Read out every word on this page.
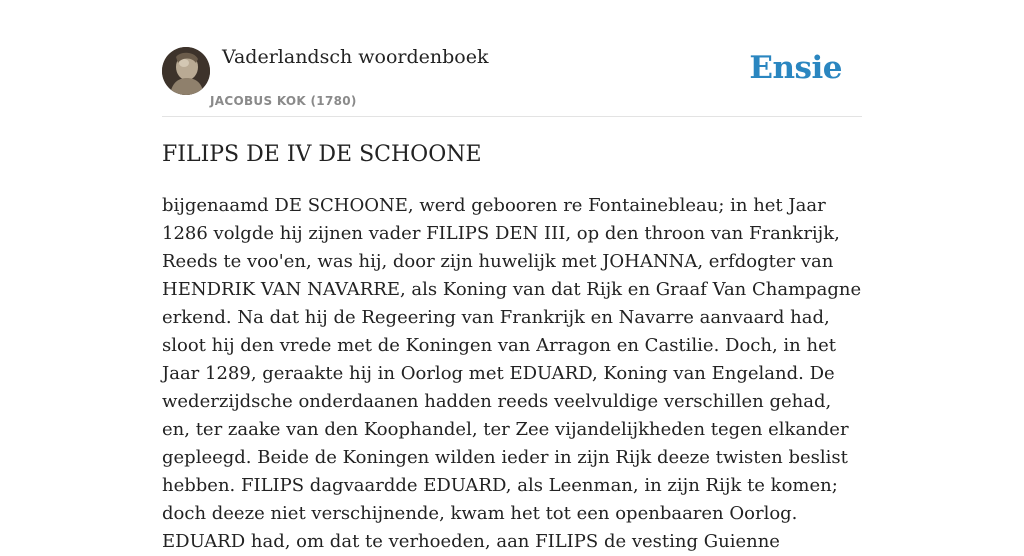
Vaderlandsch woordenboek
JACOBUS KOK (1780)
Ensie
FILIPS DE IV DE SCHOONE

bijgenaamd DE SCHOONE, werd gebooren re Fontainebleau; in het Jaar 1286 volgde hij zijnen vader FILIPS DEN III, op den throon van Frankrijk, Reeds te voo'en, was hij, door zijn huwelijk met JOHANNA, erfdogter van HENDRIK VAN NAVARRE, als Koning van dat Rijk en Graaf Van Champagne erkend. Na dat hij de Regeering van Frankrijk en Navarre aanvaard had, sloot hij den vrede met de Koningen van Arragon en Castilie. Doch, in het Jaar 1289, geraakte hij in Oorlog met EDUARD, Koning van Engeland. De wederzijdsche onderdaanen hadden reeds veelvuldige verschillen gehad, en, ter zaake van den Koophandel, ter Zee vijandelijkheden tegen elkander gepleegd. Beide de Koningen wilden ieder in zijn Rijk deeze twisten beslist hebben. FILIPS dagvaardde EDUARD, als Leenman, in zijn Rijk te komen; doch deeze niet verschijnende, kwam het tot een openbaaren Oorlog. EDUARD had, om dat te verhoeden, aan FILIPS de vesting Guienne
